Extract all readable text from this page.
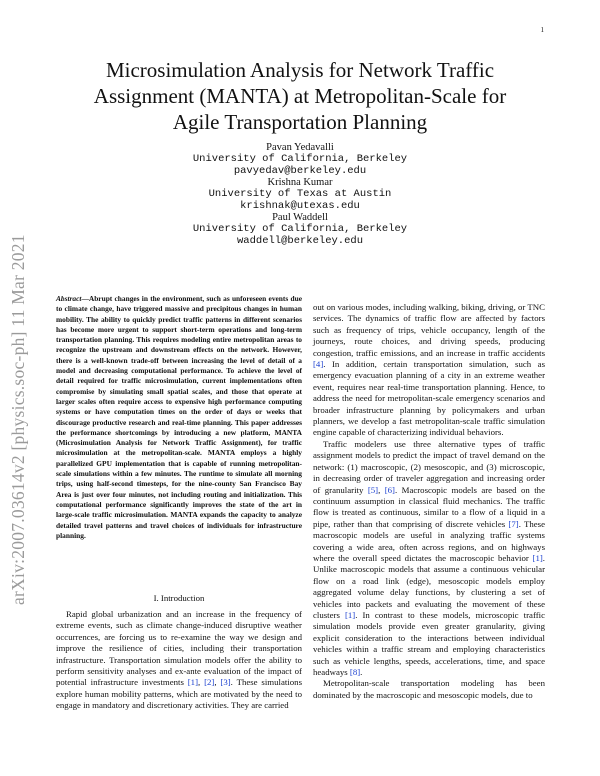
1
arXiv:2007.03614v2 [physics.soc-ph] 11 Mar 2021
Microsimulation Analysis for Network Traffic
Assignment (MANTA) at Metropolitan-Scale for
Agile Transportation Planning
Pavan Yedavalli
University of California, Berkeley
pavyedav@berkeley.edu
Krishna Kumar
University of Texas at Austin
krishnak@utexas.edu
Paul Waddell
University of California, Berkeley
waddell@berkeley.edu
Abstract—Abrupt changes in the environment, such as unforeseen events due to climate change, have triggered massive and precipitous changes in human mobility. The ability to quickly predict traffic patterns in different scenarios has become more urgent to support short-term operations and long-term transportation planning. This requires modeling entire metropolitan areas to recognize the upstream and downstream effects on the network. However, there is a well-known trade-off between increasing the level of detail of a model and decreasing computational performance. To achieve the level of detail required for traffic microsimulation, current implementations often compromise by simulating small spatial scales, and those that operate at larger scales often require access to expensive high performance computing systems or have computation times on the order of days or weeks that discourage productive research and real-time planning. This paper addresses the performance shortcomings by introducing a new platform, MANTA (Microsimulation Analysis for Network Traffic Assignment), for traffic microsimulation at the metropolitan-scale. MANTA employs a highly parallelized GPU implementation that is capable of running metropolitan-scale simulations within a few minutes. The runtime to simulate all morning trips, using half-second timesteps, for the nine-county San Francisco Bay Area is just over four minutes, not including routing and initialization. This computational performance significantly improves the state of the art in large-scale traffic microsimulation. MANTA expands the capacity to analyze detailed travel patterns and travel choices of individuals for infrastructure planning.
I. Introduction

Rapid global urbanization and an increase in the frequency of extreme events, such as climate change-induced disruptive weather occurrences, are forcing us to re-examine the way we design and improve the resilience of cities, including their transportation infrastructure. Transportation simulation models offer the ability to perform sensitivity analyses and ex-ante evaluation of the impact of potential infrastructure investments [1], [2], [3]. These simulations explore human mobility patterns, which are motivated by the need to engage in mandatory and discretionary activities. They are carried

out on various modes, including walking, biking, driving, or TNC services. The dynamics of traffic flow are affected by factors such as frequency of trips, vehicle occupancy, length of the journeys, route choices, and driving speeds, producing congestion, traffic emissions, and an increase in traffic accidents [4]. In addition, certain transportation simulation, such as emergency evacuation planning of a city in an extreme weather event, requires near real-time transportation planning. Hence, to address the need for metropolitan-scale emergency scenarios and broader infrastructure planning by policymakers and urban planners, we develop a fast metropolitan-scale traffic simulation engine capable of characterizing individual behaviors.

Traffic modelers use three alternative types of traffic assignment models to predict the impact of travel demand on the network: (1) macroscopic, (2) mesoscopic, and (3) microscopic, in decreasing order of traveler aggregation and increasing order of granularity [5], [6]. Macroscopic models are based on the continuum assumption in classical fluid mechanics. The traffic flow is treated as continuous, similar to a flow of a liquid in a pipe, rather than that comprising of discrete vehicles [7]. These macroscopic models are useful in analyzing traffic systems covering a wide area, often across regions, and on highways where the overall speed dictates the macroscopic behavior [1]. Unlike macroscopic models that assume a continuous vehicular flow on a road link (edge), mesoscopic models employ aggregated volume delay functions, by clustering a set of vehicles into packets and evaluating the movement of these clusters [1]. In contrast to these models, microscopic traffic simulation models provide even greater granularity, giving explicit consideration to the interactions between individual vehicles within a traffic stream and employing characteristics such as vehicle lengths, speeds, accelerations, time, and space headways [8].

Metropolitan-scale transportation modeling has been dominated by the macroscopic and mesoscopic models, due to
